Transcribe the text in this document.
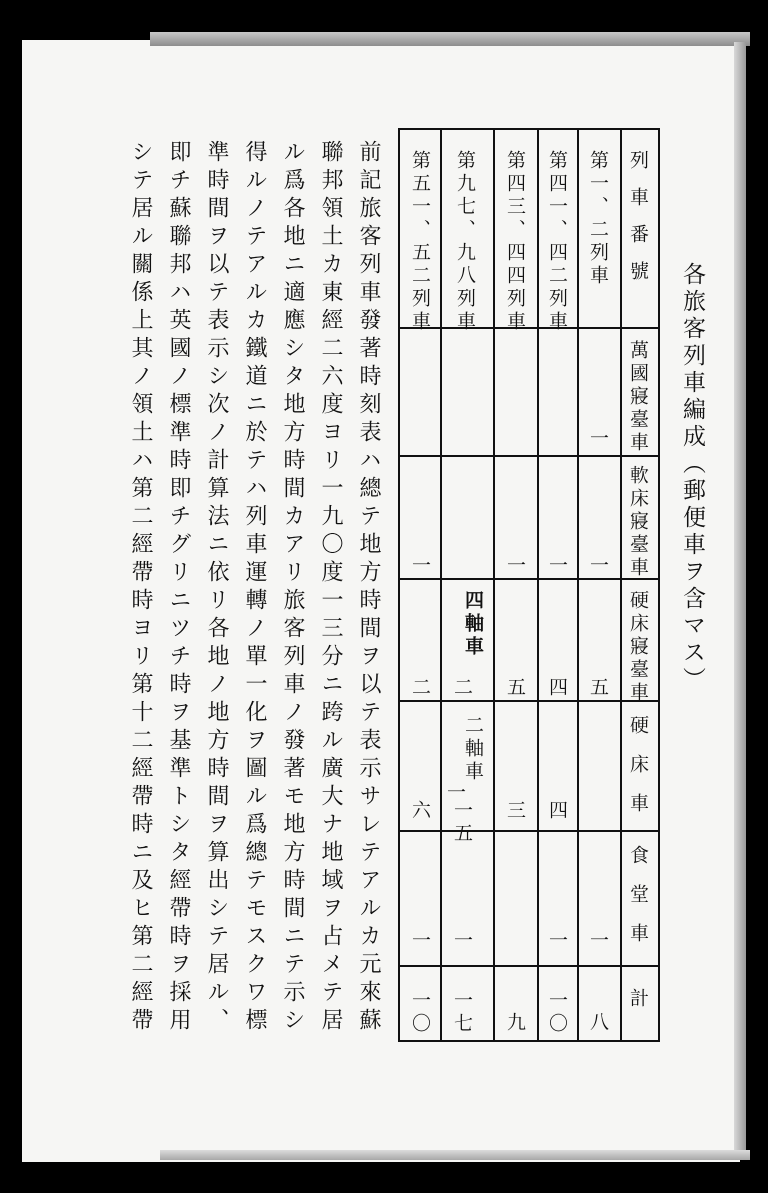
各旅客列車編成（郵便車ヲ含マス）
列車番號
萬國寢臺車
軟床寢臺車
硬床寢臺車
硬床車
食堂車
計
第一、二列車
一
一
五
一
八
第四一、四二列車
一
四
四
一
一〇
第四三、四四列車
一
五
三
九
第九七、九八列車
四軸車
二
二軸車
一
一五
一
一七
第五一、五二列車
一
二
六
一
一〇
前記旅客列車發著時刻表ハ總テ地方時間ヲ以テ表示サレテアルカ元來蘇
聯邦領土カ東經二六度ヨリ一九〇度一三分ニ跨ル廣大ナ地域ヲ占メテ居
ル爲各地ニ適應シタ地方時間カアリ旅客列車ノ發著モ地方時間ニテ示シ
得ルノテアルカ鐵道ニ於テハ列車運轉ノ單一化ヲ圖ル爲總テモスクワ標
準時間ヲ以テ表示シ次ノ計算法ニ依リ各地ノ地方時間ヲ算出シテ居ル、
即チ蘇聯邦ハ英國ノ標準時即チグリニツチ時ヲ基準トシタ經帶時ヲ採用
シテ居ル關係上其ノ領土ハ第二經帶時ヨリ第十二經帶時ニ及ヒ第二經帶
